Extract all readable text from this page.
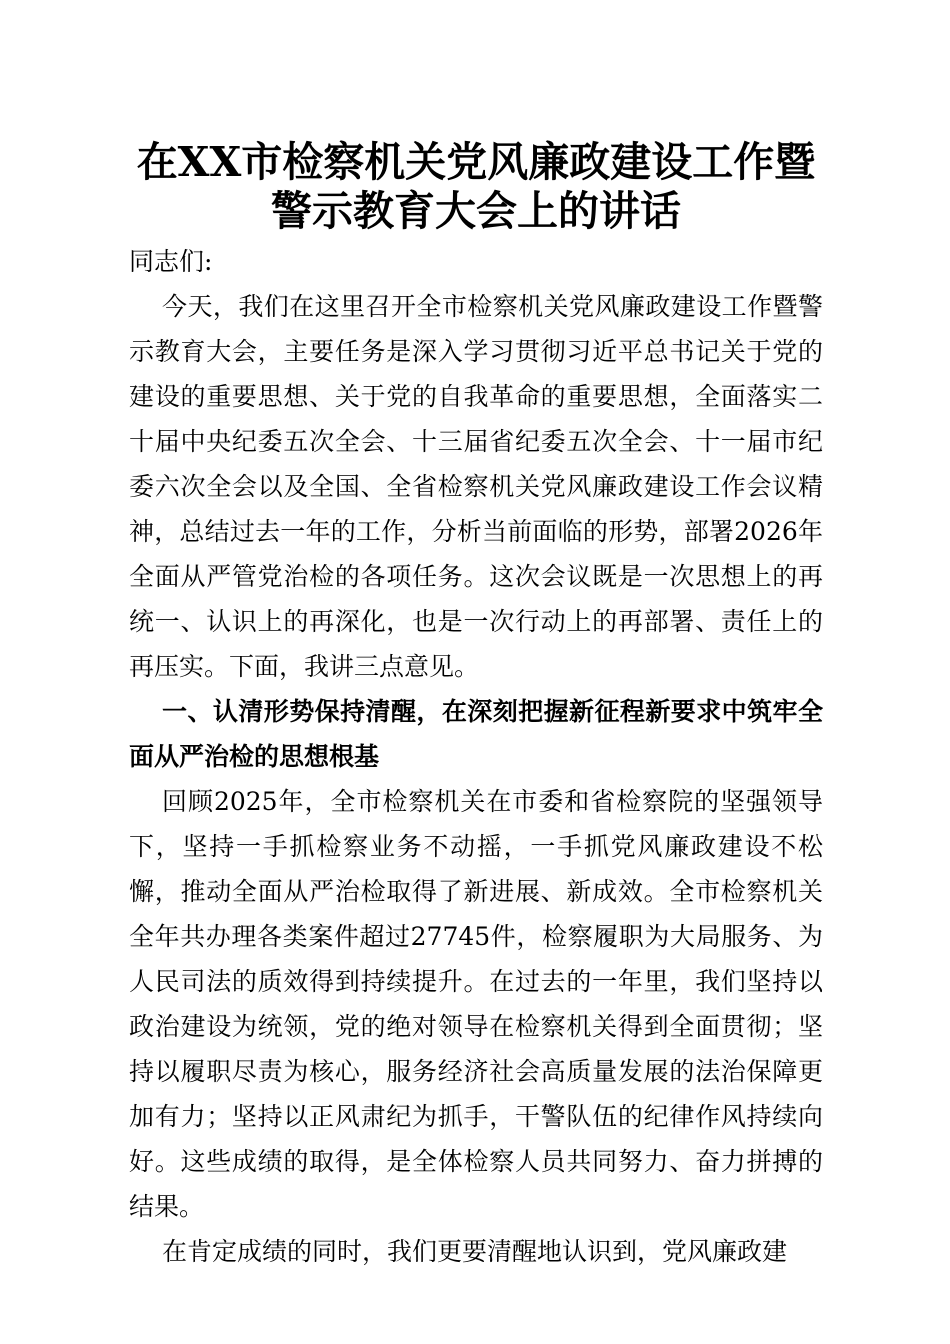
在XX市检察机关党风廉政建设工作暨警示教育大会上的讲话

同志们:

今天，我们在这里召开全市检察机关党风廉政建设工作暨警示教育大会，主要任务是深入学习贯彻习近平总书记关于党的建设的重要思想、关于党的自我革命的重要思想，全面落实二十届中央纪委五次全会、十三届省纪委五次全会、十一届市纪委六次全会以及全国、全省检察机关党风廉政建设工作会议精神，总结过去一年的工作，分析当前面临的形势，部署2026年全面从严管党治检的各项任务。这次会议既是一次思想上的再统一、认识上的再深化，也是一次行动上的再部署、责任上的再压实。下面，我讲三点意见。

一、认清形势保持清醒，在深刻把握新征程新要求中筑牢全面从严治检的思想根基

回顾2025年，全市检察机关在市委和省检察院的坚强领导下，坚持一手抓检察业务不动摇，一手抓党风廉政建设不松懈，推动全面从严治检取得了新进展、新成效。全市检察机关全年共办理各类案件超过27745件，检察履职为大局服务、为人民司法的质效得到持续提升。在过去的一年里，我们坚持以政治建设为统领，党的绝对领导在检察机关得到全面贯彻；坚持以履职尽责为核心，服务经济社会高质量发展的法治保障更加有力；坚持以正风肃纪为抓手，干警队伍的纪律作风持续向好。这些成绩的取得，是全体检察人员共同努力、奋力拼搏的结果。

在肯定成绩的同时，我们更要清醒地认识到，党风廉政建
